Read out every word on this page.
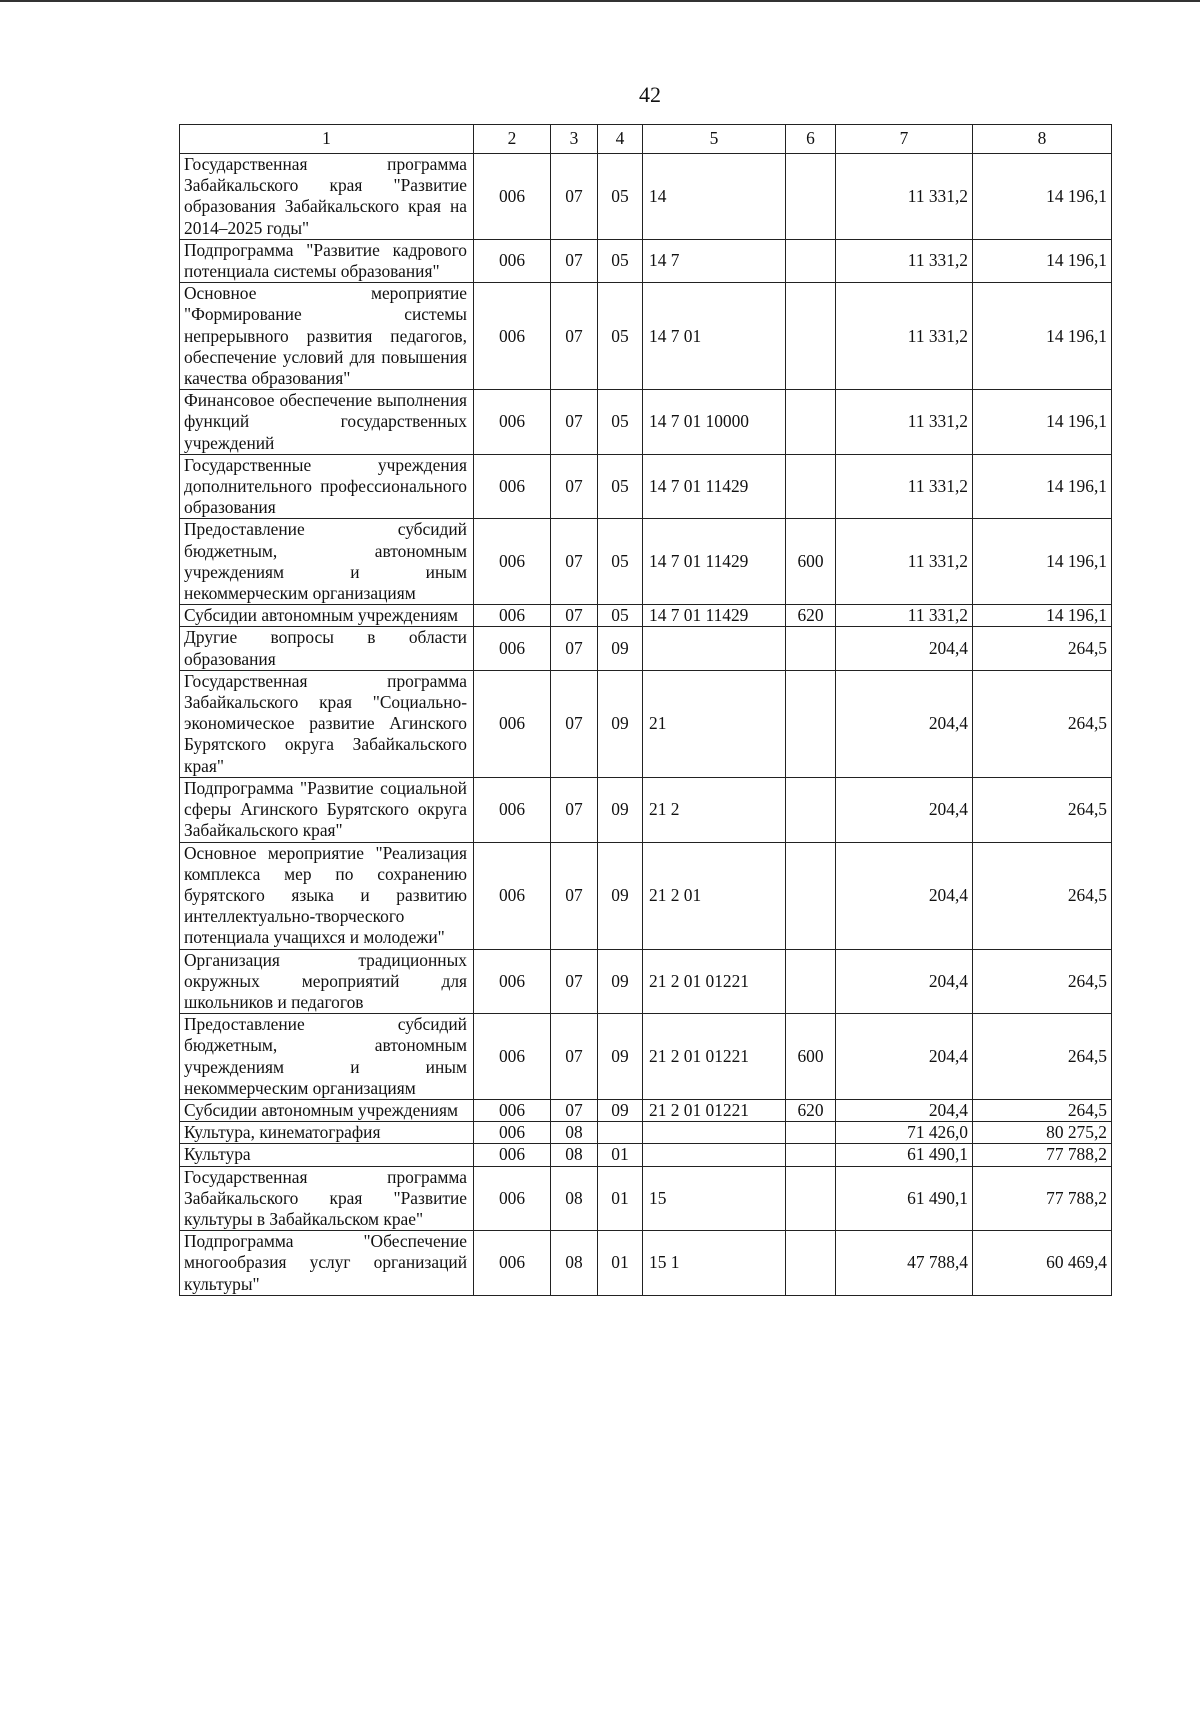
42
1	2	3	4	5	6	7	8
Государственная программа Забайкальского края "Развитие образования Забайкальского края на 2014–2025 годы"	006	07	05	14		11 331,2	14 196,1
Подпрограмма "Развитие кадрового потенциала системы образования"	006	07	05	14 7		11 331,2	14 196,1
Основное мероприятие "Формирование системы непрерывного развития педагогов, обеспечение условий для повышения качества образования"	006	07	05	14 7 01		11 331,2	14 196,1
Финансовое обеспечение выполнения функций государственных учреждений	006	07	05	14 7 01 10000		11 331,2	14 196,1
Государственные учреждения дополнительного профессионального образования	006	07	05	14 7 01 11429		11 331,2	14 196,1
Предоставление субсидий бюджетным, автономным учреждениям и иным некоммерческим организациям	006	07	05	14 7 01 11429	600	11 331,2	14 196,1
Субсидии автономным учреждениям	006	07	05	14 7 01 11429	620	11 331,2	14 196,1
Другие вопросы в области образования	006	07	09			204,4	264,5
Государственная программа Забайкальского края "Социально-экономическое развитие Агинского Бурятского округа Забайкальского края"	006	07	09	21		204,4	264,5
Подпрограмма "Развитие социальной сферы Агинского Бурятского округа Забайкальского края"	006	07	09	21 2		204,4	264,5
Основное мероприятие "Реализация комплекса мер по сохранению бурятского языка и развитию интеллектуально-творческого потенциала учащихся и молодежи"	006	07	09	21 2 01		204,4	264,5
Организация традиционных окружных мероприятий для школьников и педагогов	006	07	09	21 2 01 01221		204,4	264,5
Предоставление субсидий бюджетным, автономным учреждениям и иным некоммерческим организациям	006	07	09	21 2 01 01221	600	204,4	264,5
Субсидии автономным учреждениям	006	07	09	21 2 01 01221	620	204,4	264,5
Культура, кинематография	006	08				71 426,0	80 275,2
Культура	006	08	01			61 490,1	77 788,2
Государственная программа Забайкальского края "Развитие культуры в Забайкальском крае"	006	08	01	15		61 490,1	77 788,2
Подпрограмма "Обеспечение многообразия услуг организаций культуры"	006	08	01	15 1		47 788,4	60 469,4
